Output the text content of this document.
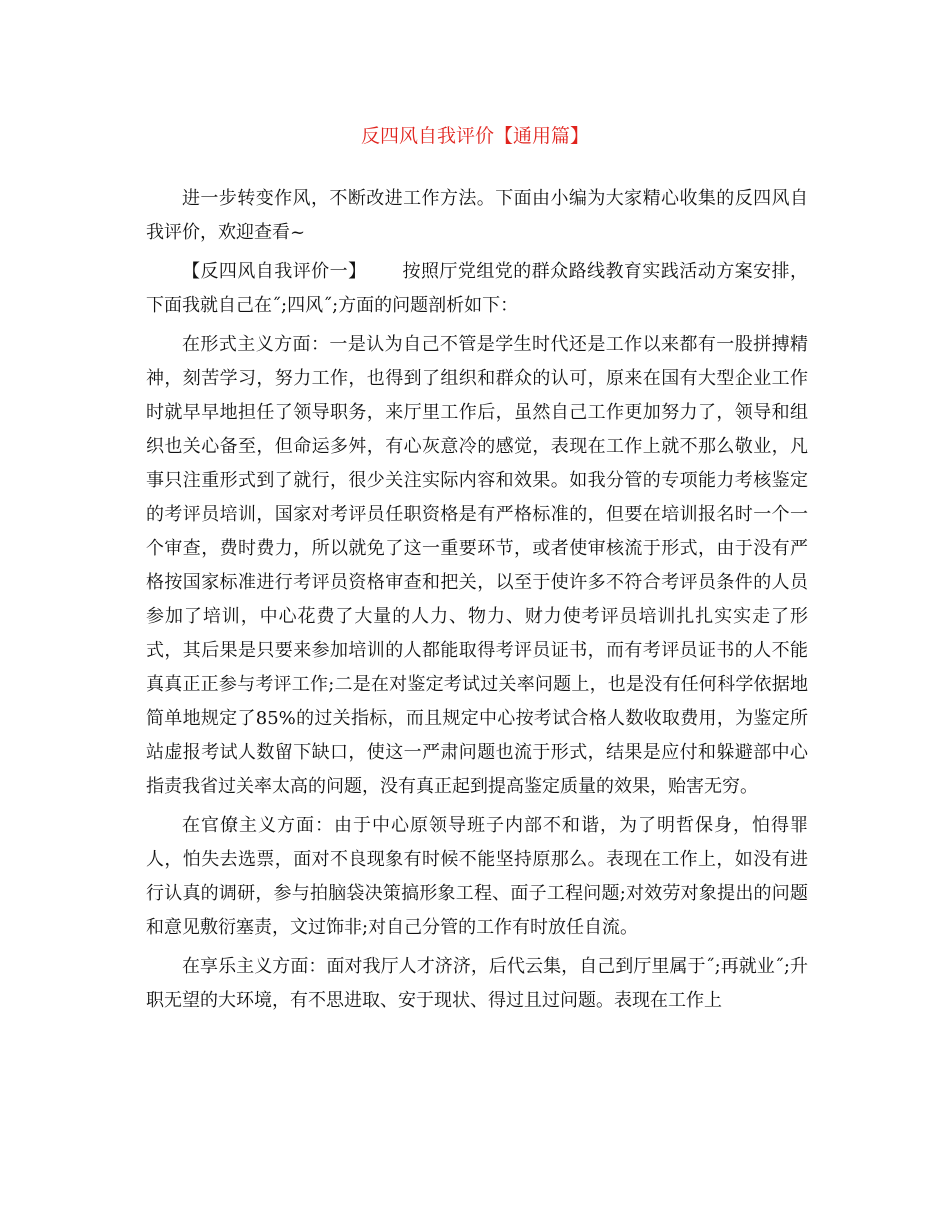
反四风自我评价【通用篇】

进一步转变作风，不断改进工作方法。下面由小编为大家精心收集的反四风自我评价，欢迎查看~

【反四风自我评价一】 按照厅党组党的群众路线教育实践活动方案安排，下面我就自己在˝;四风˝;方面的问题剖析如下：

在形式主义方面：一是认为自己不管是学生时代还是工作以来都有一股拼搏精神，刻苦学习，努力工作，也得到了组织和群众的认可，原来在国有大型企业工作时就早早地担任了领导职务，来厅里工作后，虽然自己工作更加努力了，领导和组织也关心备至，但命运多舛，有心灰意冷的感觉，表现在工作上就不那么敬业，凡事只注重形式到了就行，很少关注实际内容和效果。如我分管的专项能力考核鉴定的考评员培训，国家对考评员任职资格是有严格标准的，但要在培训报名时一个一个审查，费时费力，所以就免了这一重要环节，或者使审核流于形式，由于没有严格按国家标准进行考评员资格审查和把关，以至于使许多不符合考评员条件的人员参加了培训，中心花费了大量的人力、物力、财力使考评员培训扎扎实实走了形式，其后果是只要来参加培训的人都能取得考评员证书，而有考评员证书的人不能真真正正参与考评工作;二是在对鉴定考试过关率问题上，也是没有任何科学依据地简单地规定了85%的过关指标，而且规定中心按考试合格人数收取费用，为鉴定所站虚报考试人数留下缺口，使这一严肃问题也流于形式，结果是应付和躲避部中心指责我省过关率太高的问题，没有真正起到提高鉴定质量的效果，贻害无穷。

在官僚主义方面：由于中心原领导班子内部不和谐，为了明哲保身，怕得罪人，怕失去选票，面对不良现象有时候不能坚持原那么。表现在工作上，如没有进行认真的调研，参与拍脑袋决策搞形象工程、面子工程问题;对效劳对象提出的问题和意见敷衍塞责，文过饰非;对自己分管的工作有时放任自流。

在享乐主义方面：面对我厅人才济济，后代云集，自己到厅里属于˝;再就业˝;升职无望的大环境，有不思进取、安于现状、得过且过问题。表现在工作上
